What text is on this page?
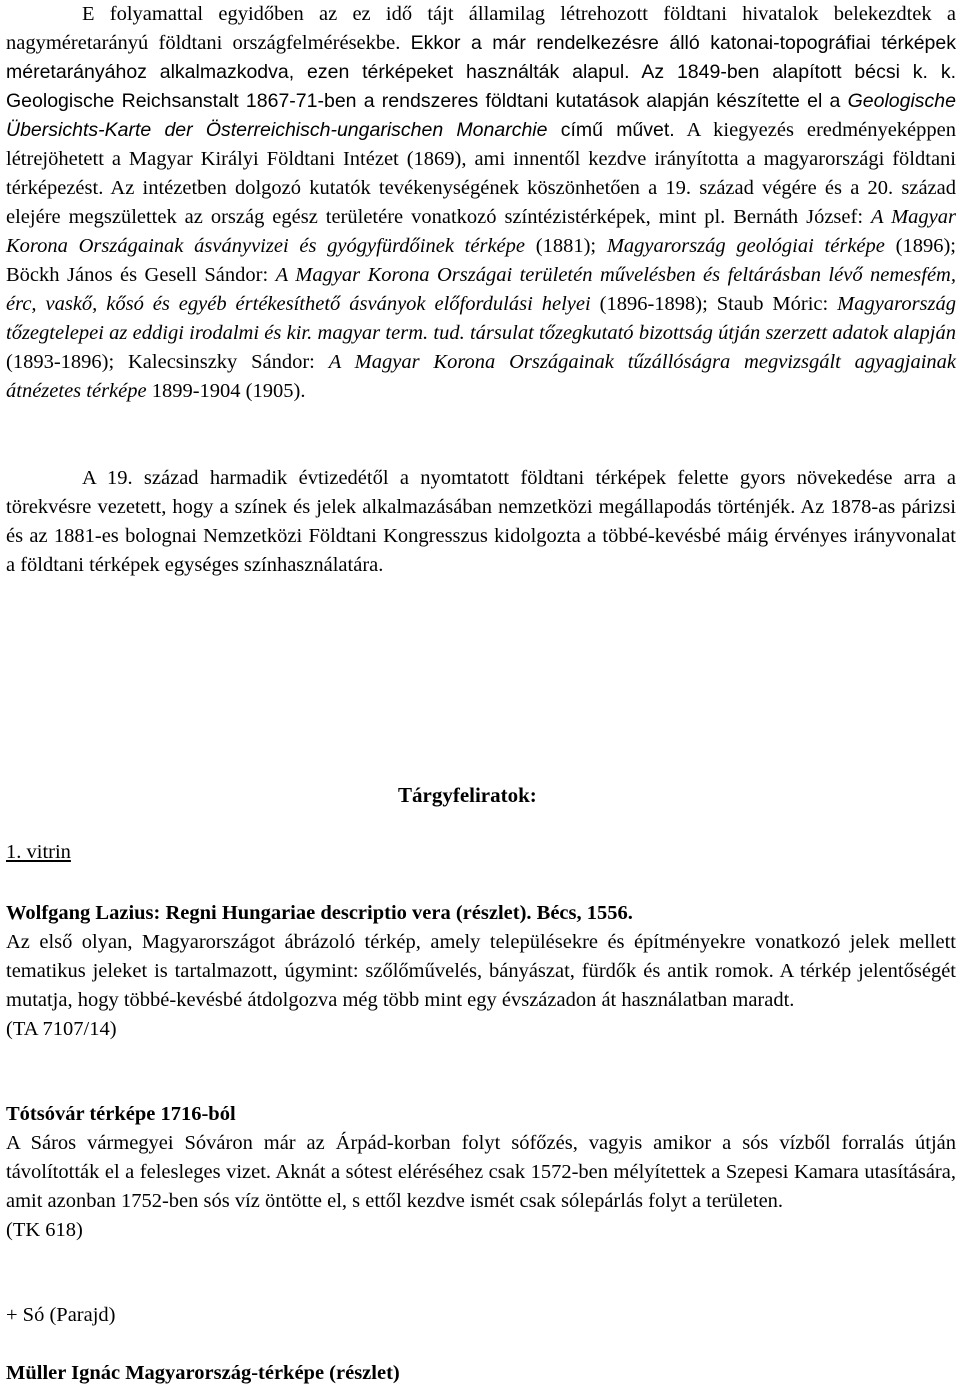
E folyamattal egyidőben az ez idő tájt államilag létrehozott földtani hivatalok belekezdtek a nagyméretarányú földtani országfelmérésekbe. Ekkor a már rendelkezésre álló katonai-topográfiai térképek méretarányához alkalmazkodva, ezen térképeket használták alapul. Az 1849-ben alapított bécsi k. k. Geologische Reichsanstalt 1867-71-ben a rendszeres földtani kutatások alapján készítette el a Geologische Übersichts-Karte der Österreichisch-ungarischen Monarchie című művet. A kiegyezés eredményeképpen létrejöhetett a Magyar Királyi Földtani Intézet (1869), ami innentől kezdve irányította a magyarországi földtani térképezést. Az intézetben dolgozó kutatók tevékenységének köszönhetően a 19. század végére és a 20. század elejére megszülettek az ország egész területére vonatkozó színtézistérképek, mint pl. Bernáth József: A Magyar Korona Országainak ásványvizei és gyógyfürdőinek térképe (1881); Magyarország geológiai térképe (1896); Böckh János és Gesell Sándor: A Magyar Korona Országai területén művelésben és feltárásban lévő nemesfém, érc, vaskő, kősó és egyéb értékesíthető ásványok előfordulási helyei (1896-1898); Staub Móric: Magyarország tőzegtelepei az eddigi irodalmi és kir. magyar term. tud. társulat tőzegkutató bizottság útján szerzett adatok alapján (1893-1896); Kalecsinszky Sándor: A Magyar Korona Országainak tűzállóságra megvizsgált agyagjainak átnézetes térképe 1899-1904 (1905).

A 19. század harmadik évtizedétől a nyomtatott földtani térképek felette gyors növekedése arra a törekvésre vezetett, hogy a színek és jelek alkalmazásában nemzetközi megállapodás történjék. Az 1878-as párizsi és az 1881-es bolognai Nemzetközi Földtani Kongresszus kidolgozta a többé-kevésbé máig érvényes irányvonalat a földtani térképek egységes színhasználatára.

Tárgyfeliratok:
1. vitrin
Wolfgang Lazius: Regni Hungariae descriptio vera (részlet). Bécs, 1556.

Az első olyan, Magyarországot ábrázoló térkép, amely településekre és építményekre vonatkozó jelek mellett tematikus jeleket is tartalmazott, úgymint: szőlőművelés, bányászat, fürdők és antik romok. A térkép jelentőségét mutatja, hogy többé-kevésbé átdolgozva még több mint egy évszázadon át használatban maradt.

(TA 7107/14)
Tótsóvár térképe 1716-ból

A Sáros vármegyei Sóváron már az Árpád-korban folyt sófőzés, vagyis amikor a sós vízből forralás útján távolították el a felesleges vizet. Aknát a sótest eléréséhez csak 1572-ben mélyítettek a Szepesi Kamara utasítására, amit azonban 1752-ben sós víz öntötte el, s ettől kezdve ismét csak sólepárlás folyt a területen.

(TK 618)
+ Só (Parajd)
Müller Ignác Magyarország-térképe (részlet)
